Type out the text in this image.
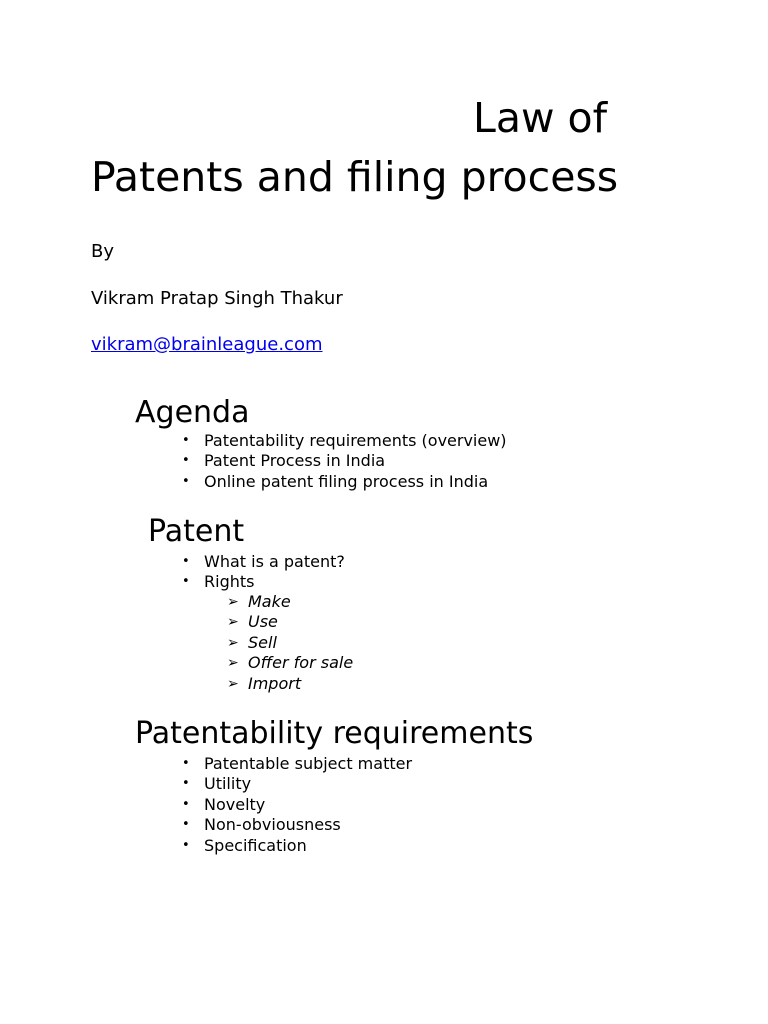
Law of
Patents and filing process
By
Vikram Pratap Singh Thakur
vikram@brainleague.com
Agenda
• Patentability requirements (overview)
• Patent Process in India
• Online patent filing process in India
Patent
• What is a patent?
• Rights
➢ Make
➢ Use
➢ Sell
➢ Offer for sale
➢ Import
Patentability requirements
• Patentable subject matter
• Utility
• Novelty
• Non-obviousness
• Specification
